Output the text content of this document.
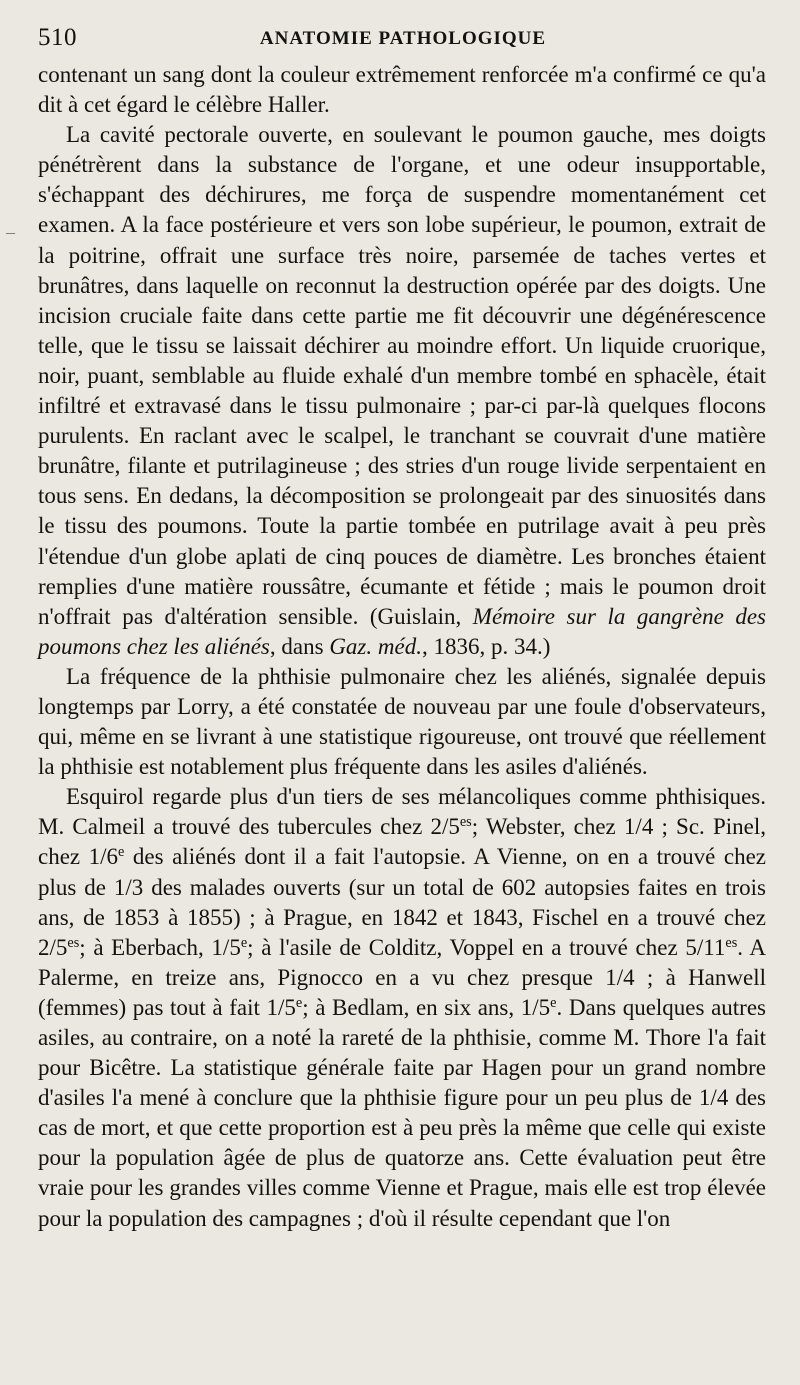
510	ANATOMIE PATHOLOGIQUE
–

contenant un sang dont la couleur extrêmement renforcée m'a confirmé ce qu'a dit à cet égard le célèbre Haller.

La cavité pectorale ouverte, en soulevant le poumon gauche, mes doigts pénétrèrent dans la substance de l'organe, et une odeur insupportable, s'échappant des déchirures, me força de suspendre momentanément cet examen. A la face postérieure et vers son lobe supérieur, le poumon, extrait de la poitrine, offrait une surface très noire, parsemée de taches vertes et brunâtres, dans laquelle on reconnut la destruction opérée par des doigts. Une incision cruciale faite dans cette partie me fit découvrir une dégénérescence telle, que le tissu se laissait déchirer au moindre effort. Un liquide cruorique, noir, puant, semblable au fluide exhalé d'un membre tombé en sphacèle, était infiltré et extravasé dans le tissu pulmonaire ; par-ci par-là quelques flocons purulents. En raclant avec le scalpel, le tranchant se couvrait d'une matière brunâtre, filante et putrilagineuse ; des stries d'un rouge livide serpentaient en tous sens. En dedans, la décomposition se prolongeait par des sinuosités dans le tissu des poumons. Toute la partie tombée en putrilage avait à peu près l'étendue d'un globe aplati de cinq pouces de diamètre. Les bronches étaient remplies d'une matière roussâtre, écumante et fétide ; mais le poumon droit n'offrait pas d'altération sensible. (Guislain, Mémoire sur la gangrène des poumons chez les aliénés, dans Gaz. méd., 1836, p. 34.)

La fréquence de la phthisie pulmonaire chez les aliénés, signalée depuis longtemps par Lorry, a été constatée de nouveau par une foule d'observateurs, qui, même en se livrant à une statistique rigoureuse, ont trouvé que réellement la phthisie est notablement plus fréquente dans les asiles d'aliénés.

Esquirol regarde plus d'un tiers de ses mélancoliques comme phthisiques. M. Calmeil a trouvé des tubercules chez $2/5^{es}$; Webster, chez 1/4 ; Sc. Pinel, chez 1/6e des aliénés dont il a fait l'autopsie. A Vienne, on en a trouvé chez plus de 1/3 des malades ouverts (sur un total de 602 autopsies faites en trois ans, de 1853 à 1855) ; à Prague, en 1842 et 1843, Fischel en a trouvé chez $2/5^{es}$; à Eberbach, 1/5e; à l'asile de Colditz, Voppel en a trouvé chez $5/11^{es}$. A Palerme, en treize ans, Pignocco en a vu chez presque 1/4 ; à Hanwell (femmes) pas tout à fait 1/5e; à Bedlam, en six ans, 1/5e. Dans quelques autres asiles, au contraire, on a noté la rareté de la phthisie, comme M. Thore l'a fait pour Bicêtre. La statistique générale faite par Hagen pour un grand nombre d'asiles l'a mené à conclure que la phthisie figure pour un peu plus de 1/4 des cas de mort, et que cette proportion est à peu près la même que celle qui existe pour la population âgée de plus de quatorze ans. Cette évaluation peut être vraie pour les grandes villes comme Vienne et Prague, mais elle est trop élevée pour la population des campagnes ; d'où il résulte cependant que l'on
